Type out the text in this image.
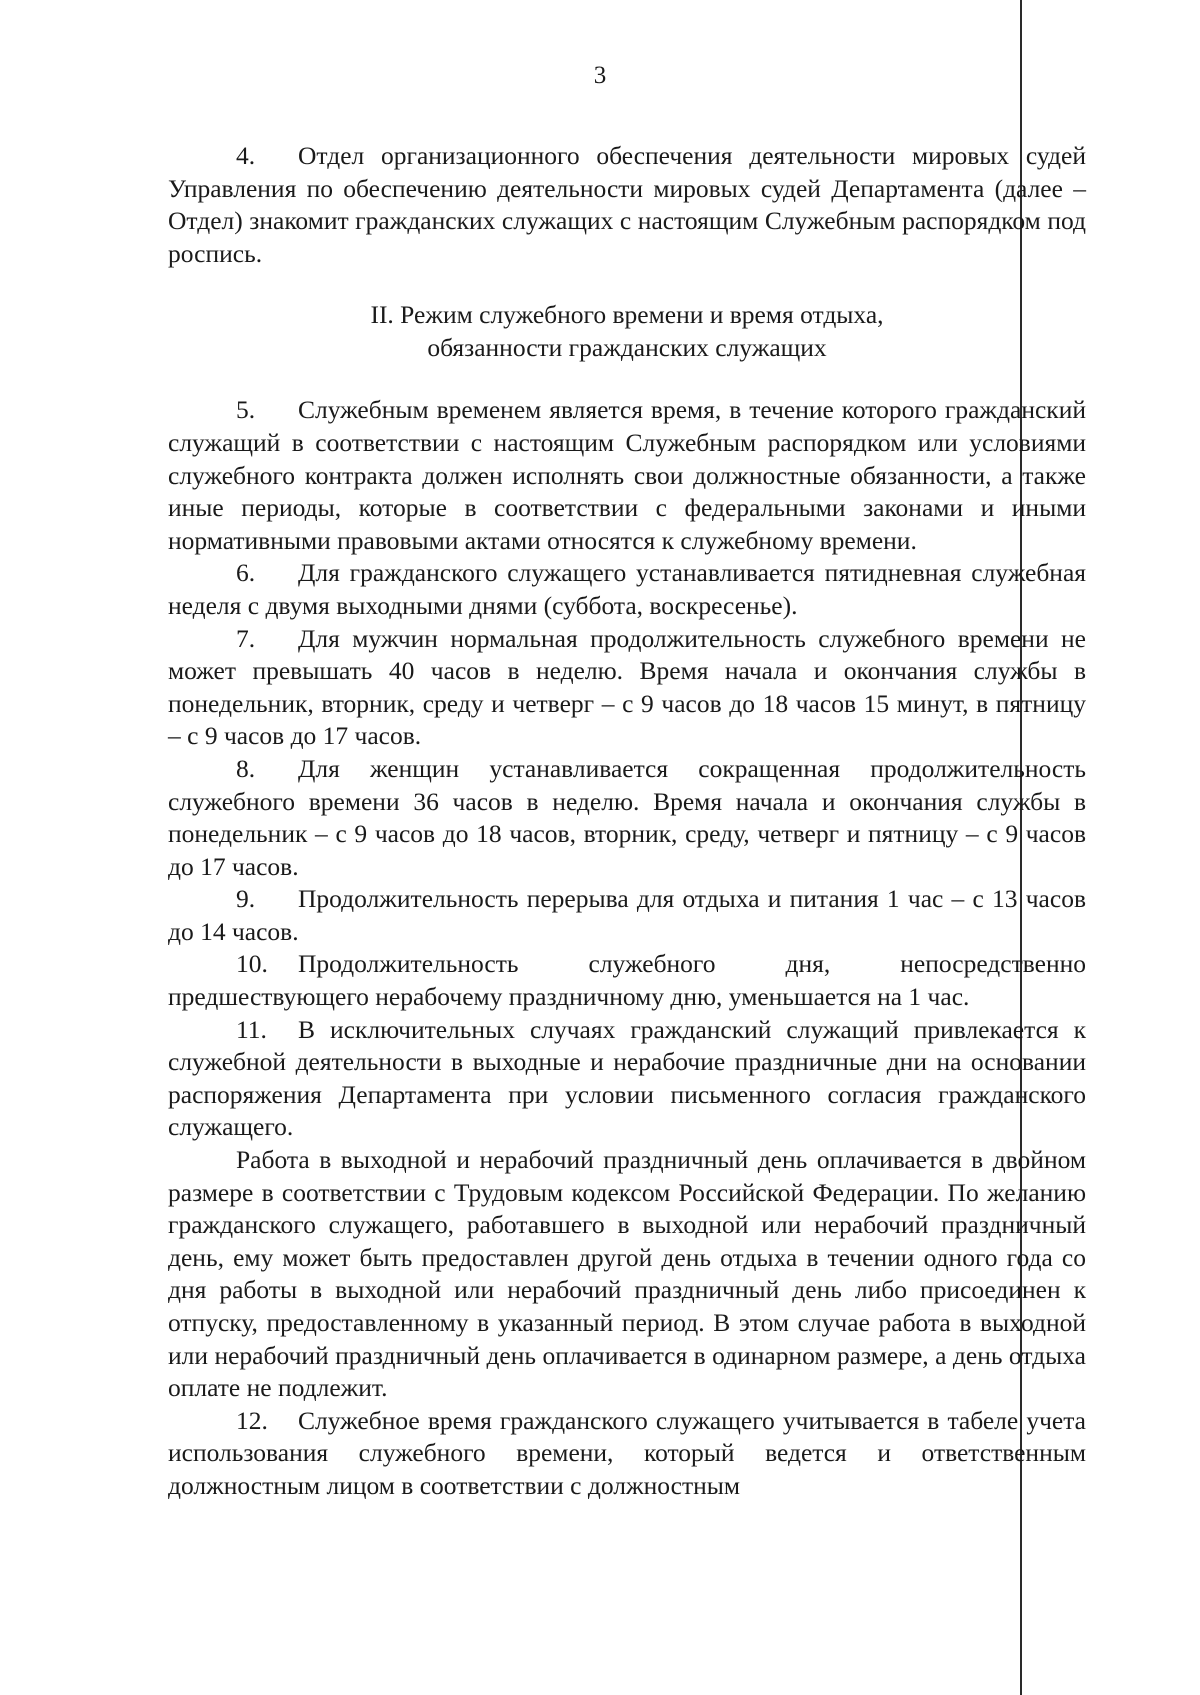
3

4. Отдел организационного обеспечения деятельности мировых судей Управления по обеспечению деятельности мировых судей Департамента (далее – Отдел) знакомит гражданских служащих с настоящим Служебным распорядком под роспись.

II. Режим служебного времени и время отдыха,
обязанности гражданских служащих

5. Служебным временем является время, в течение которого гражданский служащий в соответствии с настоящим Служебным распорядком или условиями служебного контракта должен исполнять свои должностные обязанности, а также иные периоды, которые в соответствии с федеральными законами и иными нормативными правовыми актами относятся к служебному времени.

6. Для гражданского служащего устанавливается пятидневная служебная неделя с двумя выходными днями (суббота, воскресенье).

7. Для мужчин нормальная продолжительность служебного времени не может превышать 40 часов в неделю. Время начала и окончания службы в понедельник, вторник, среду и четверг – с 9 часов до 18 часов 15 минут, в пятницу – с 9 часов до 17 часов.

8. Для женщин устанавливается сокращенная продолжительность служебного времени 36 часов в неделю. Время начала и окончания службы в понедельник – с 9 часов до 18 часов, вторник, среду, четверг и пятницу – с 9 часов до 17 часов.

9. Продолжительность перерыва для отдыха и питания 1 час – с 13 часов до 14 часов.

10. Продолжительность служебного дня, непосредственно предшествующего нерабочему праздничному дню, уменьшается на 1 час.

11. В исключительных случаях гражданский служащий привлекается к служебной деятельности в выходные и нерабочие праздничные дни на основании распоряжения Департамента при условии письменного согласия гражданского служащего.

Работа в выходной и нерабочий праздничный день оплачивается в двойном размере в соответствии с Трудовым кодексом Российской Федерации. По желанию гражданского служащего, работавшего в выходной или нерабочий праздничный день, ему может быть предоставлен другой день отдыха в течении одного года со дня работы в выходной или нерабочий праздничный день либо присоединен к отпуску, предоставленному в указанный период. В этом случае работа в выходной или нерабочий праздничный день оплачивается в одинарном размере, а день отдыха оплате не подлежит.

12. Служебное время гражданского служащего учитывается в табеле учета использования служебного времени, который ведется и ответственным должностным лицом в соответствии с должностным
